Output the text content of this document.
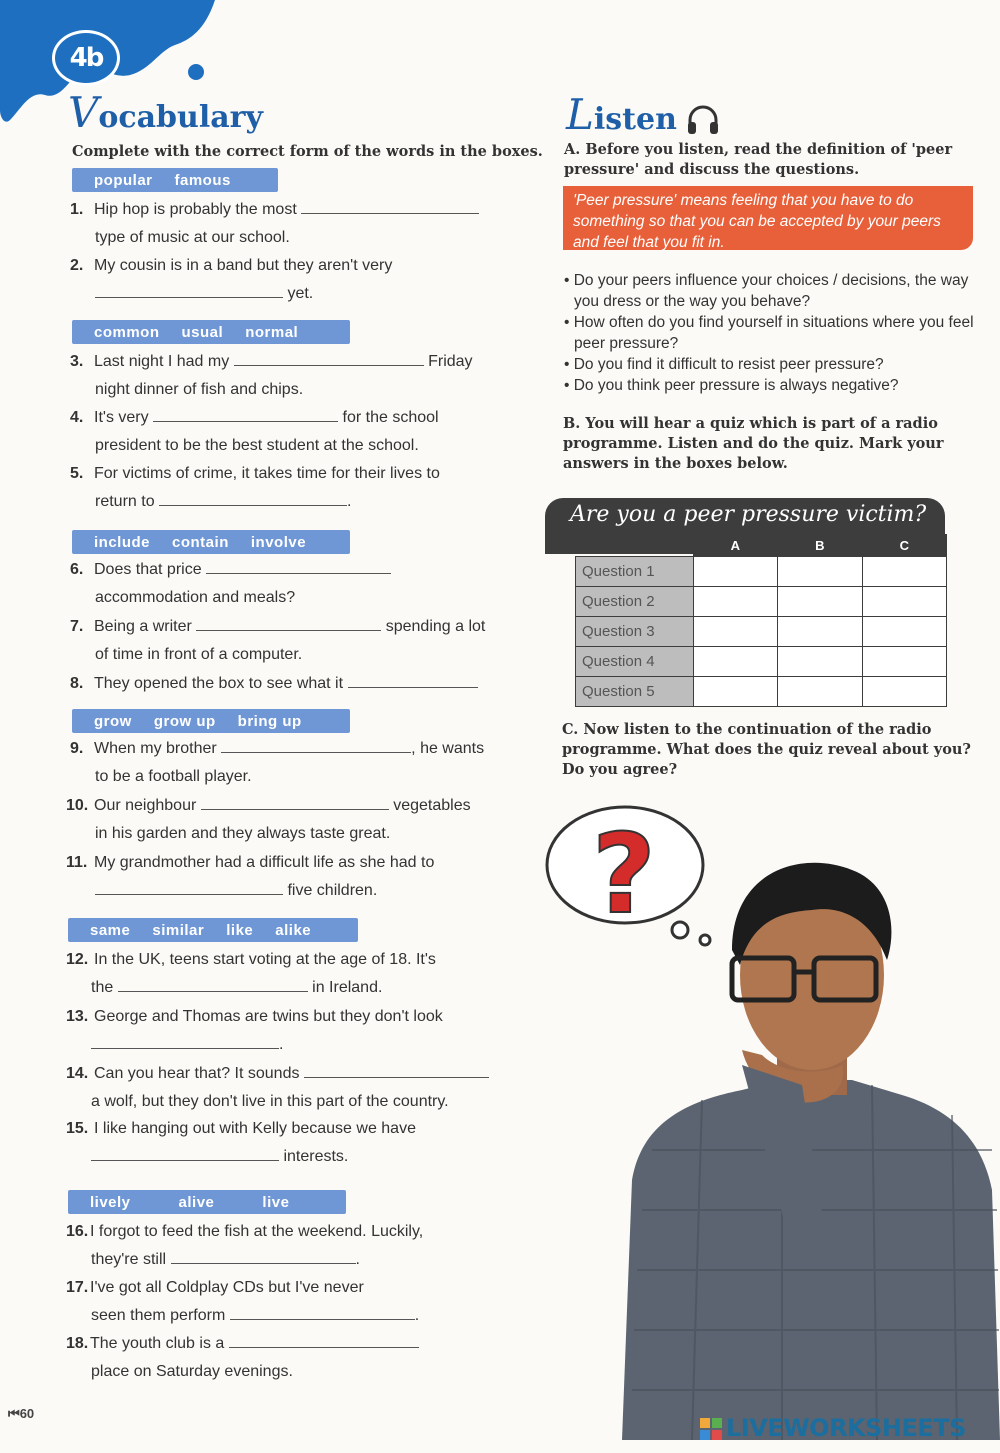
4b
Vocabulary
Complete with the correct form of the words in the boxes.
popular famous
1. Hip hop is probably the most
type of music at our school.
2. My cousin is in a band but they aren't very
yet.
common usual normal
3. Last night I had my	Friday
night dinner of fish and chips.
4. It's very	for the school
president to be the best student at the school.
5. For victims of crime, it takes time for their lives to
return to	.
include contain involve
6. Does that price
accommodation and meals?
7. Being a writer	spending a lot
of time in front of a computer.
8. They opened the box to see what it
grow grow up bring up
9. When my brother	, he wants
to be a football player.
10. Our neighbour	vegetables
in his garden and they always taste great.
11. My grandmother had a difficult life as she had to
five children.
same similar like alike
12. In the UK, teens start voting at the age of 18. It's
the	in Ireland.
13. George and Thomas are twins but they don't look
.
14. Can you hear that? It sounds
a wolf, but they don't live in this part of the country.
15. I like hanging out with Kelly because we have
interests.
lively	alive	live
16. I forgot to feed the fish at the weekend. Luckily,
they're still	.
17. I've got all Coldplay CDs but I've never
seen them perform	.
18. The youth club is a
place on Saturday evenings.
Listen
A. Before you listen, read the definition of 'peer pressure' and discuss the questions.
'Peer pressure' means feeling that you have to do something so that you can be accepted by your peers and feel that you fit in.
• Do your peers influence your choices / decisions, the way you dress or the way you behave?
• How often do you find yourself in situations where you feel peer pressure?
• Do you find it difficult to resist peer pressure?
• Do you think peer pressure is always negative?
B. You will hear a quiz which is part of a radio programme. Listen and do the quiz. Mark your answers in the boxes below.
Are you a peer pressure victim?
	A	B	C
Question 1			
Question 2			
Question 3			
Question 4			
Question 5			
C. Now listen to the continuation of the radio programme. What does the quiz reveal about you? Do you agree?
?
⏮60
LIVEWORKSHEETS
